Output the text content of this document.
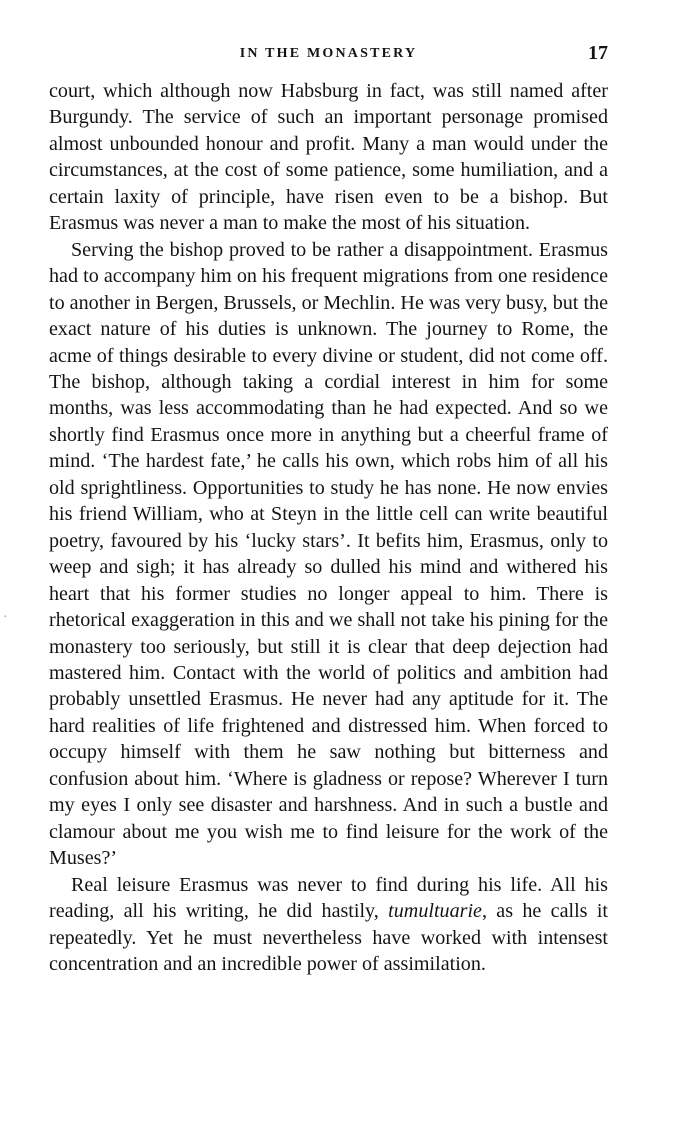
IN THE MONASTERY	17

court, which although now Habsburg in fact, was still named after Burgundy. The service of such an important personage promised almost unbounded honour and profit. Many a man would under the circumstances, at the cost of some patience, some humiliation, and a certain laxity of principle, have risen even to be a bishop. But Erasmus was never a man to make the most of his situation.

Serving the bishop proved to be rather a disappointment. Erasmus had to accompany him on his frequent migrations from one residence to another in Bergen, Brussels, or Mechlin. He was very busy, but the exact nature of his duties is unknown. The journey to Rome, the acme of things desirable to every divine or student, did not come off. The bishop, although taking a cordial interest in him for some months, was less accommodating than he had expected. And so we shortly find Erasmus once more in anything but a cheerful frame of mind. ‘The hardest fate,’ he calls his own, which robs him of all his old sprightliness. Opportunities to study he has none. He now envies his friend William, who at Steyn in the little cell can write beautiful poetry, favoured by his ‘lucky stars’. It befits him, Erasmus, only to weep and sigh; it has already so dulled his mind and withered his heart that his former studies no longer appeal to him. There is rhetorical exaggeration in this and we shall not take his pining for the monastery too seriously, but still it is clear that deep dejection had mastered him. Contact with the world of politics and ambition had probably unsettled Erasmus. He never had any aptitude for it. The hard realities of life frightened and distressed him. When forced to occupy himself with them he saw nothing but bitterness and confusion about him. ‘Where is gladness or repose? Wherever I turn my eyes I only see disaster and harshness. And in such a bustle and clamour about me you wish me to find leisure for the work of the Muses?’

Real leisure Erasmus was never to find during his life. All his reading, all his writing, he did hastily, tumultuarie, as he calls it repeatedly. Yet he must nevertheless have worked with intensest concentration and an incredible power of assimilation.

·
